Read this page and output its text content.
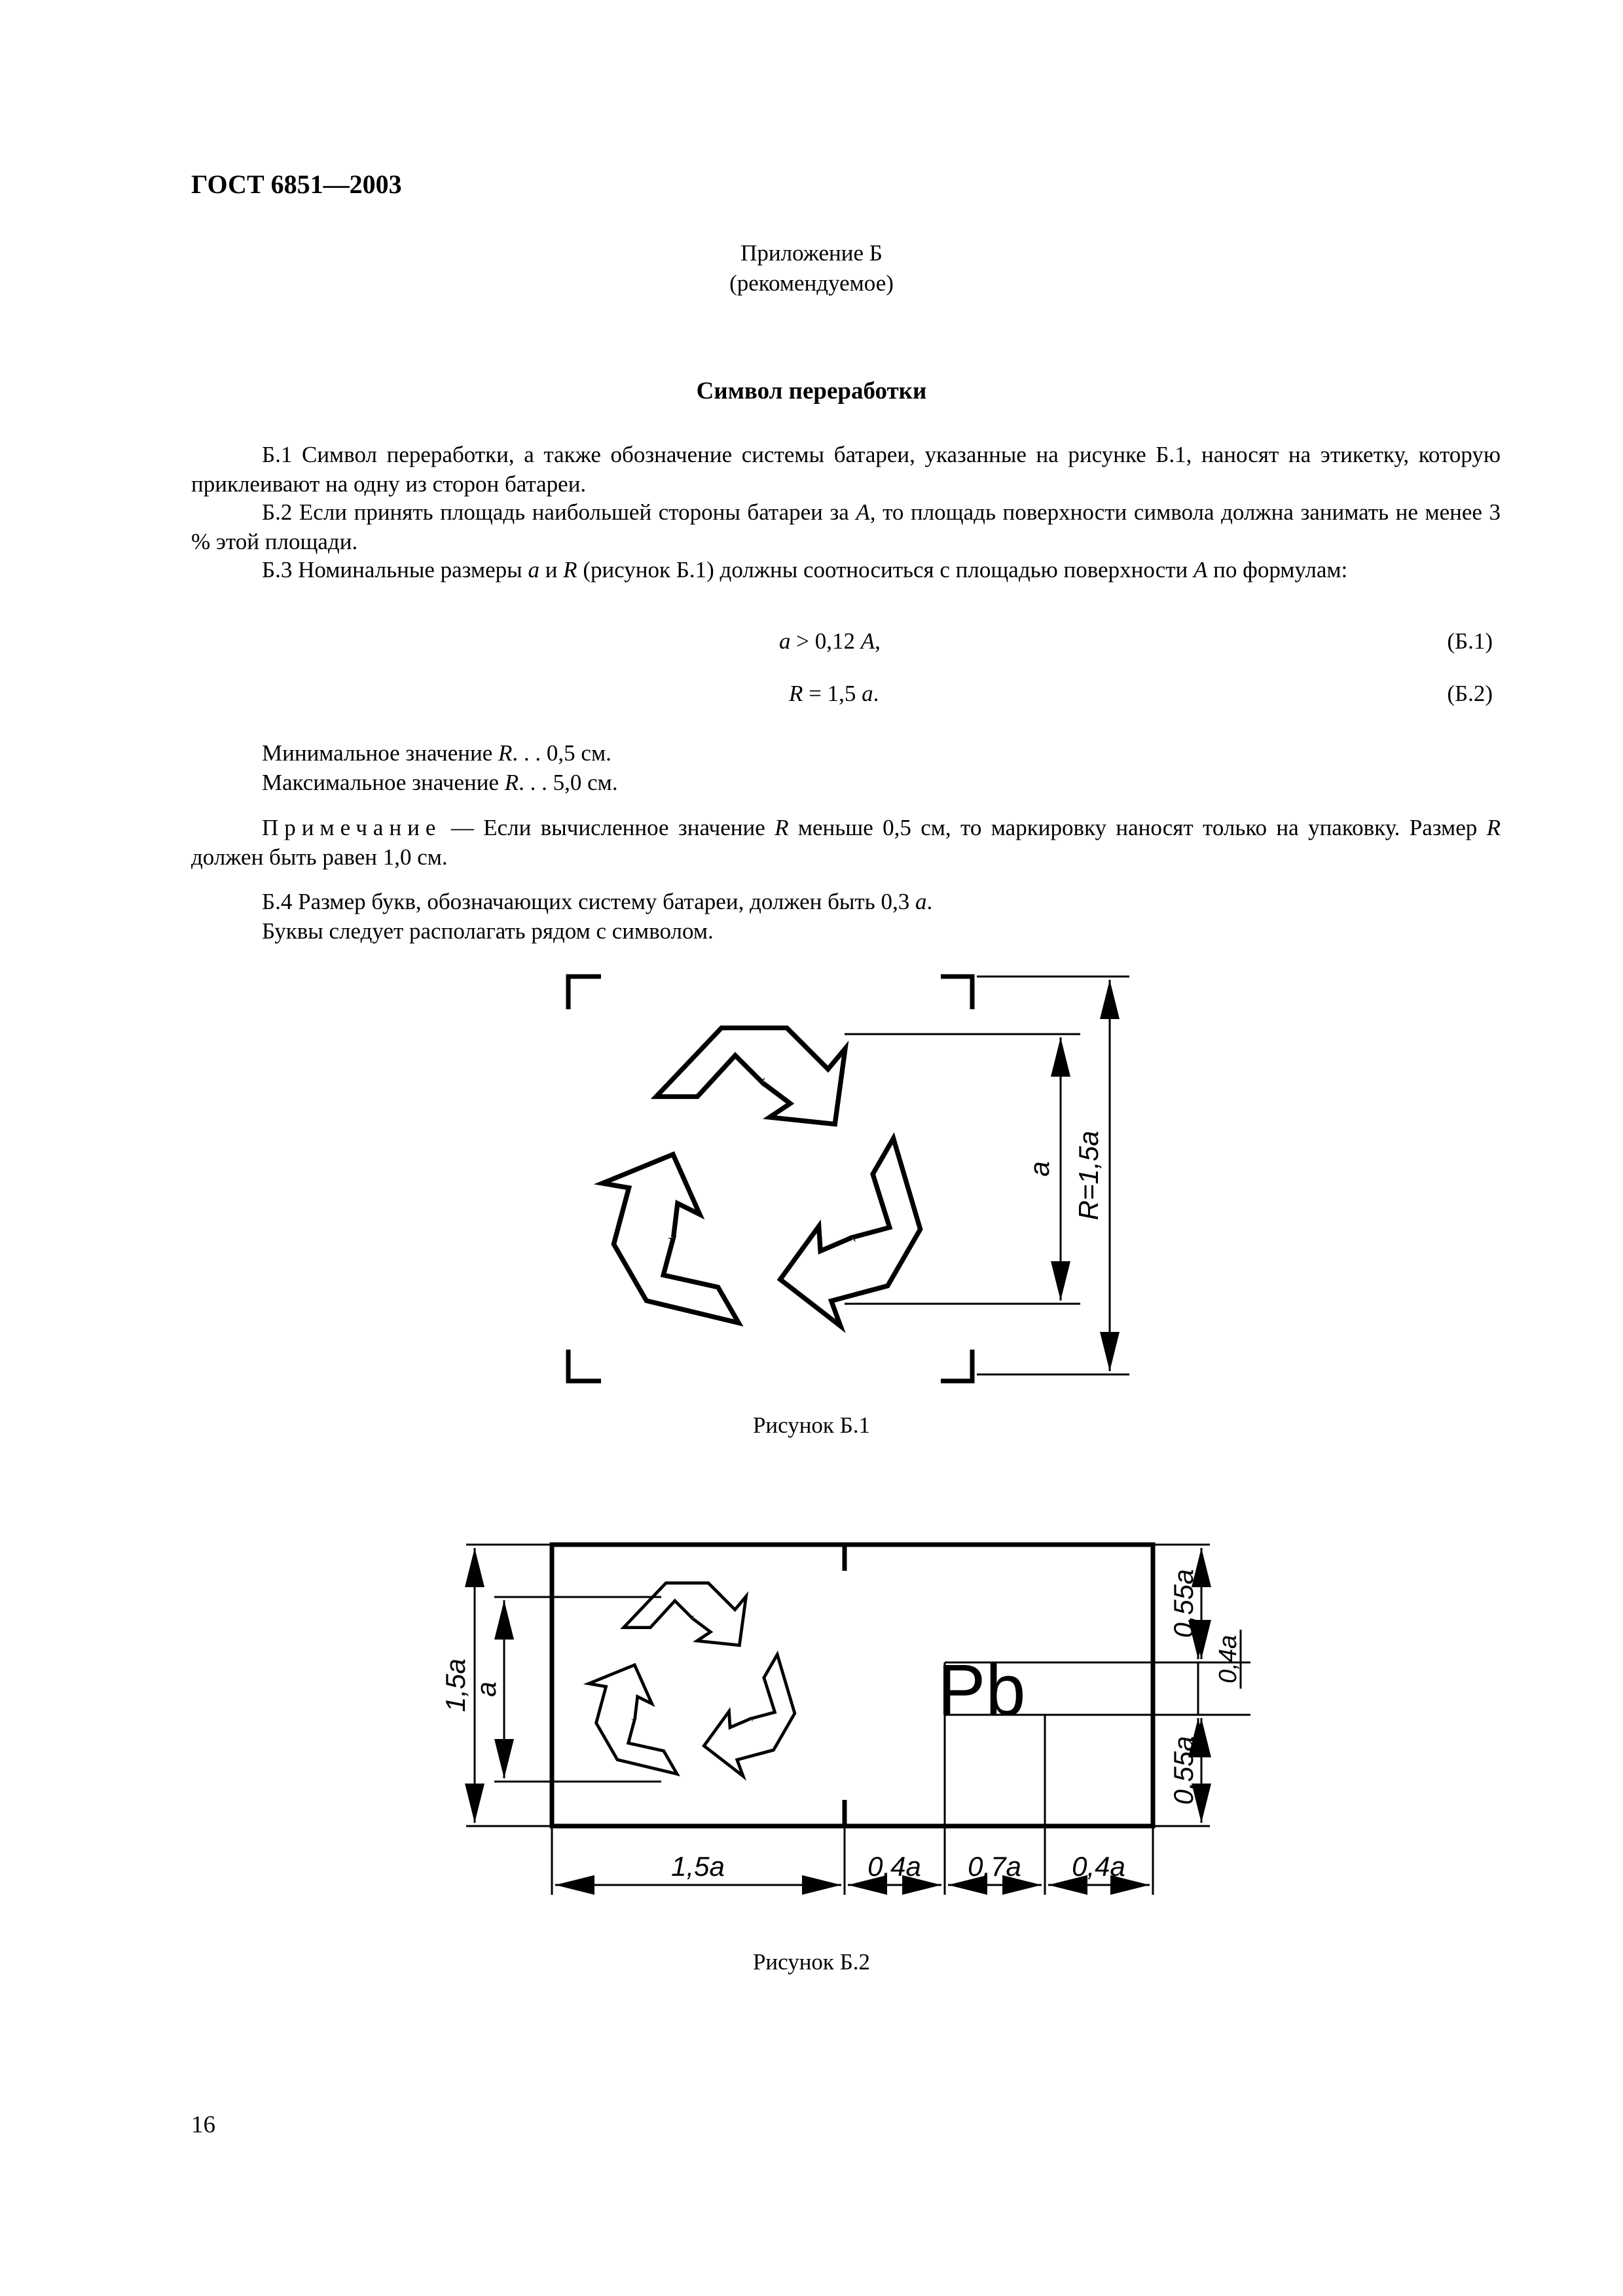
ГОСТ 6851—2003
Приложение Б
(рекомендуемое)
Символ переработки
Б.1 Символ переработки, а также обозначение системы батареи, указанные на рисунке Б.1, наносят на этикетку, которую приклеивают на одну из сторон батареи.
Б.2 Если принять площадь наибольшей стороны батареи за A, то площадь поверхности символа должна занимать не менее 3 % этой площади.
Б.3 Номинальные размеры a и R (рисунок Б.1) должны соотноситься с площадью поверхности A по формулам:
a > 0,12 A,	(Б.1)
R = 1,5 a.	(Б.2)
Минимальное значение R. . . 0,5 см.
Максимальное значение R. . . 5,0 см.
Примечание — Если вычисленное значение R меньше 0,5 см, то маркировку наносят только на упаковку. Размер R должен быть равен 1,0 см.
Б.4 Размер букв, обозначающих систему батареи, должен быть 0,3 a.
Буквы следует располагать рядом с символом.
a R=1,5a
Pb
1,5a a
1,5a	0,4a 0,7a 0,4a
0,55a
0,4a
0,55a
Рисунок Б.1
Рисунок Б.2
16
